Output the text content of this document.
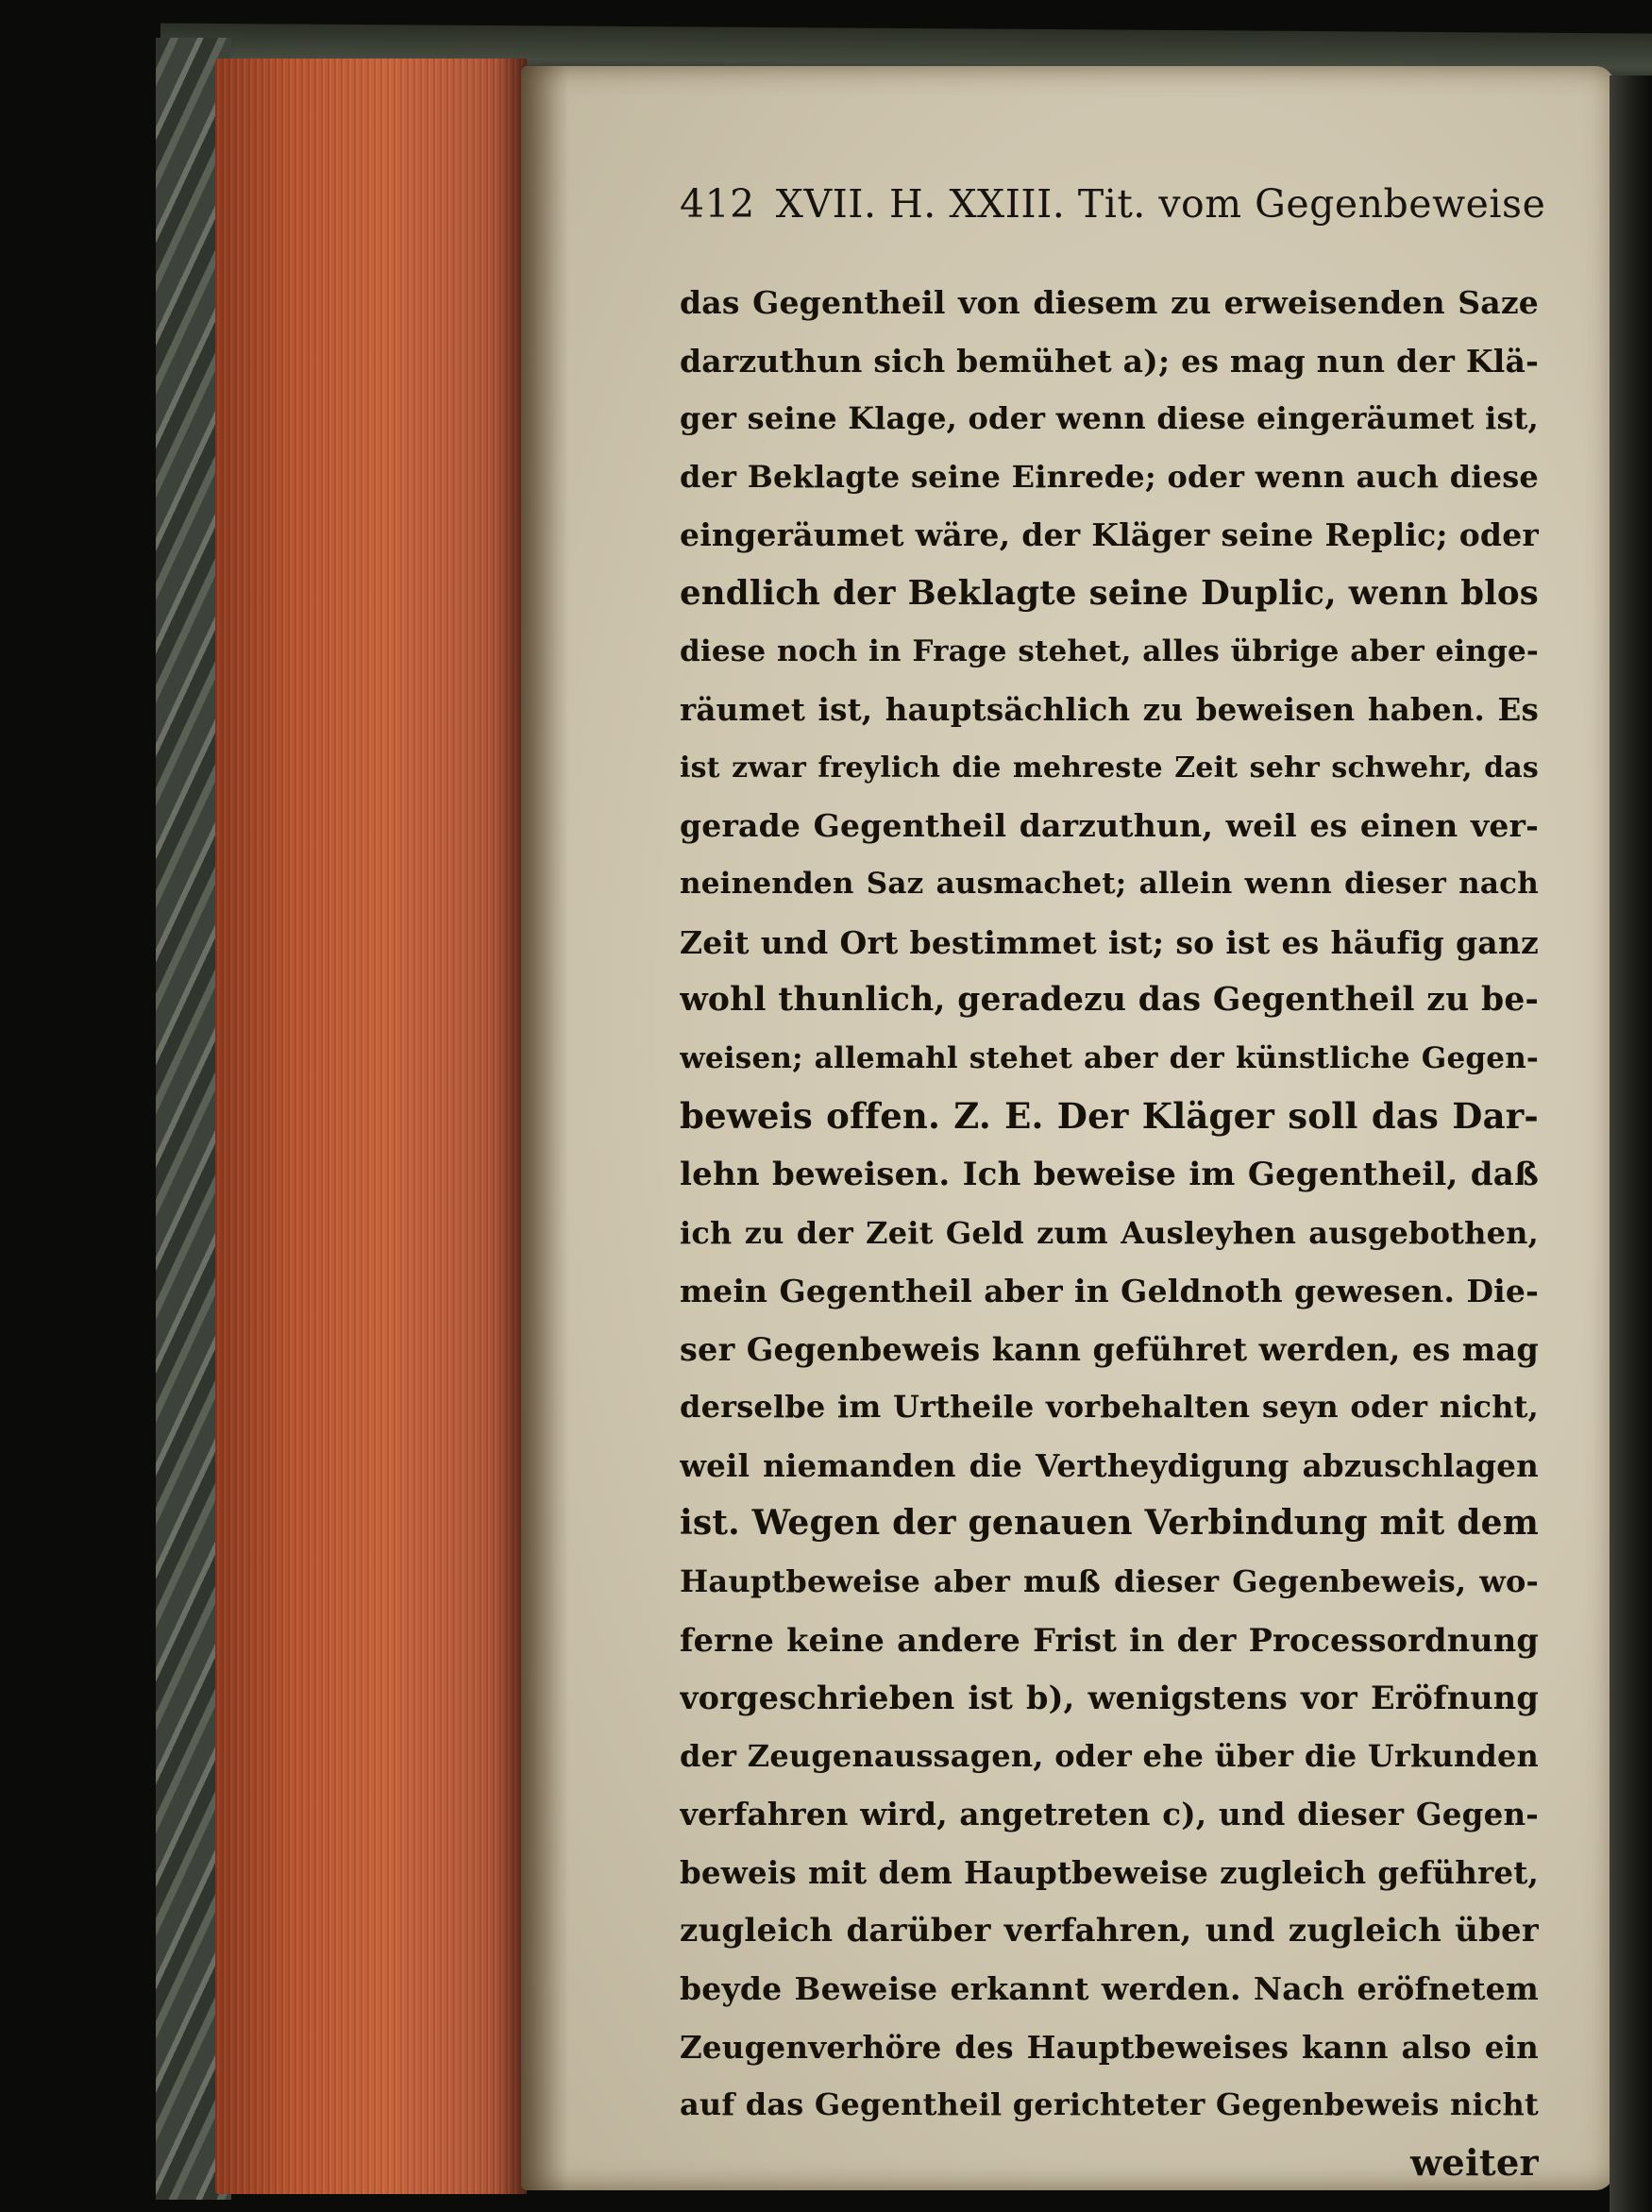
412 XVII. H. XXIII. Tit. vom Gegenbeweise
das Gegentheil von diesem zu erweisenden Saze
darzuthun sich bemühet a); es mag nun der Klä-
ger seine Klage, oder wenn diese eingeräumet ist,
der Beklagte seine Einrede; oder wenn auch diese
eingeräumet wäre, der Kläger seine Replic; oder
endlich der Beklagte seine Duplic, wenn blos
diese noch in Frage stehet, alles übrige aber einge-
räumet ist, hauptsächlich zu beweisen haben. Es
ist zwar freylich die mehreste Zeit sehr schwehr, das
gerade Gegentheil darzuthun, weil es einen ver-
neinenden Saz ausmachet; allein wenn dieser nach
Zeit und Ort bestimmet ist; so ist es häufig ganz
wohl thunlich, geradezu das Gegentheil zu be-
weisen; allemahl stehet aber der künstliche Gegen-
beweis offen. Z. E. Der Kläger soll das Dar-
lehn beweisen. Ich beweise im Gegentheil, daß
ich zu der Zeit Geld zum Ausleyhen ausgebothen,
mein Gegentheil aber in Geldnoth gewesen. Die-
ser Gegenbeweis kann geführet werden, es mag
derselbe im Urtheile vorbehalten seyn oder nicht,
weil niemanden die Vertheydigung abzuschlagen
ist. Wegen der genauen Verbindung mit dem
Hauptbeweise aber muß dieser Gegenbeweis, wo-
ferne keine andere Frist in der Processordnung
vorgeschrieben ist b), wenigstens vor Eröfnung
der Zeugenaussagen, oder ehe über die Urkunden
verfahren wird, angetreten c), und dieser Gegen-
beweis mit dem Hauptbeweise zugleich geführet,
zugleich darüber verfahren, und zugleich über
beyde Beweise erkannt werden. Nach eröfnetem
Zeugenverhöre des Hauptbeweises kann also ein
auf das Gegentheil gerichteter Gegenbeweis nicht
weiter
